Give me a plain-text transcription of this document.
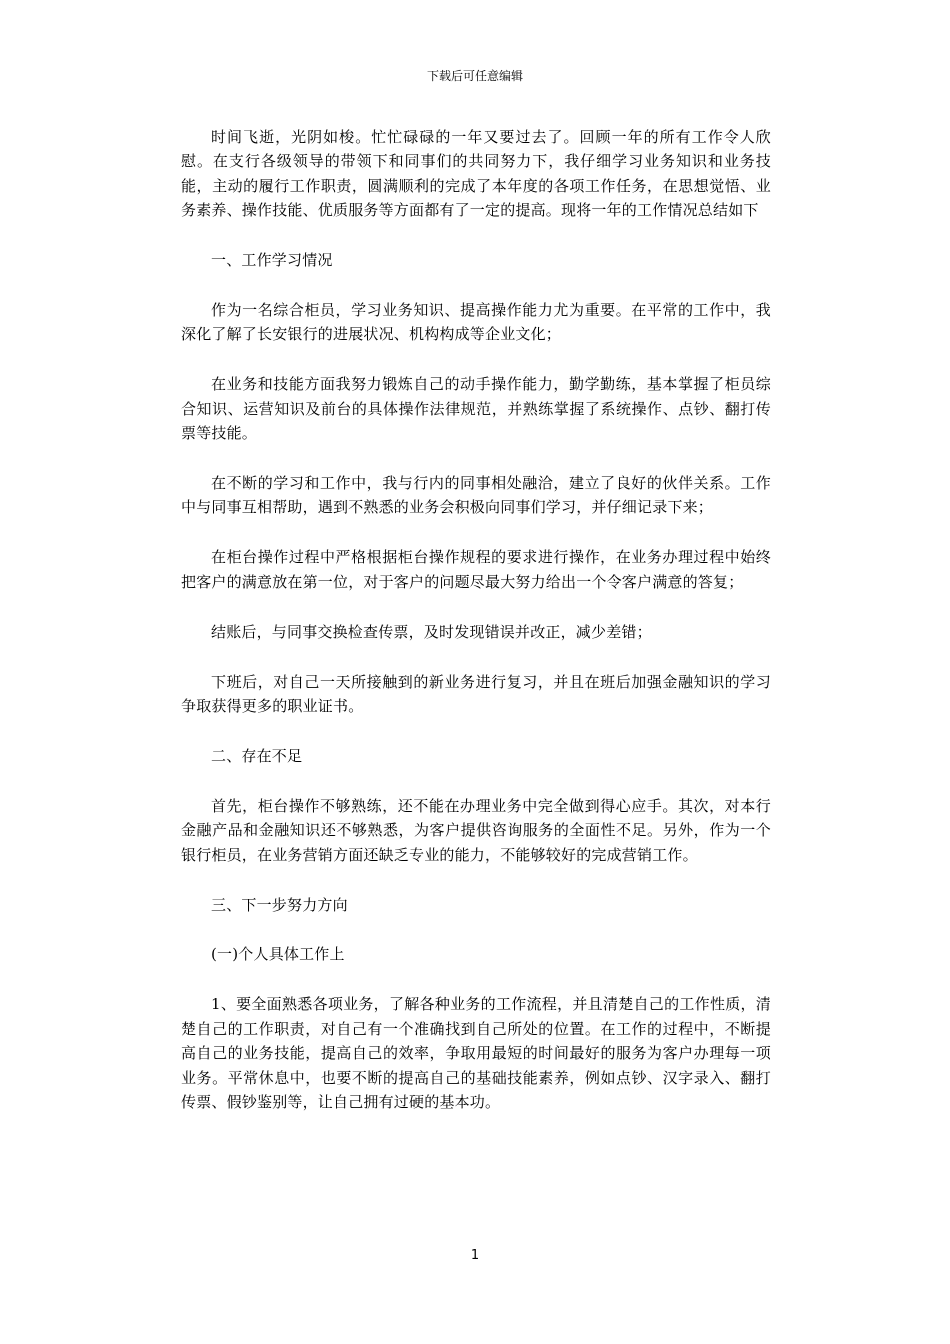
下载后可任意编辑

时间飞逝，光阴如梭。忙忙碌碌的一年又要过去了。回顾一年的所有工作令人欣慰。在支行各级领导的带领下和同事们的共同努力下，我仔细学习业务知识和业务技能，主动的履行工作职责，圆满顺利的完成了本年度的各项工作任务，在思想觉悟、业务素养、操作技能、优质服务等方面都有了一定的提高。现将一年的工作情况总结如下

一、工作学习情况

作为一名综合柜员，学习业务知识、提高操作能力尤为重要。在平常的工作中，我深化了解了长安银行的进展状况、机构构成等企业文化；

在业务和技能方面我努力锻炼自己的动手操作能力，勤学勤练，基本掌握了柜员综合知识、运营知识及前台的具体操作法律规范，并熟练掌握了系统操作、点钞、翻打传票等技能。

在不断的学习和工作中，我与行内的同事相处融洽，建立了良好的伙伴关系。工作中与同事互相帮助，遇到不熟悉的业务会积极向同事们学习，并仔细记录下来；

在柜台操作过程中严格根据柜台操作规程的要求进行操作，在业务办理过程中始终把客户的满意放在第一位，对于客户的问题尽最大努力给出一个令客户满意的答复；

结账后，与同事交换检查传票，及时发现错误并改正，减少差错；

下班后，对自己一天所接触到的新业务进行复习，并且在班后加强金融知识的学习争取获得更多的职业证书。

二、存在不足

首先，柜台操作不够熟练，还不能在办理业务中完全做到得心应手。其次，对本行金融产品和金融知识还不够熟悉，为客户提供咨询服务的全面性不足。另外，作为一个银行柜员，在业务营销方面还缺乏专业的能力，不能够较好的完成营销工作。

三、下一步努力方向

(一)个人具体工作上

1、要全面熟悉各项业务，了解各种业务的工作流程，并且清楚自己的工作性质，清楚自己的工作职责，对自己有一个准确找到自己所处的位置。在工作的过程中，不断提高自己的业务技能，提高自己的效率，争取用最短的时间最好的服务为客户办理每一项业务。平常休息中，也要不断的提高自己的基础技能素养，例如点钞、汉字录入、翻打传票、假钞鉴别等，让自己拥有过硬的基本功。

1
